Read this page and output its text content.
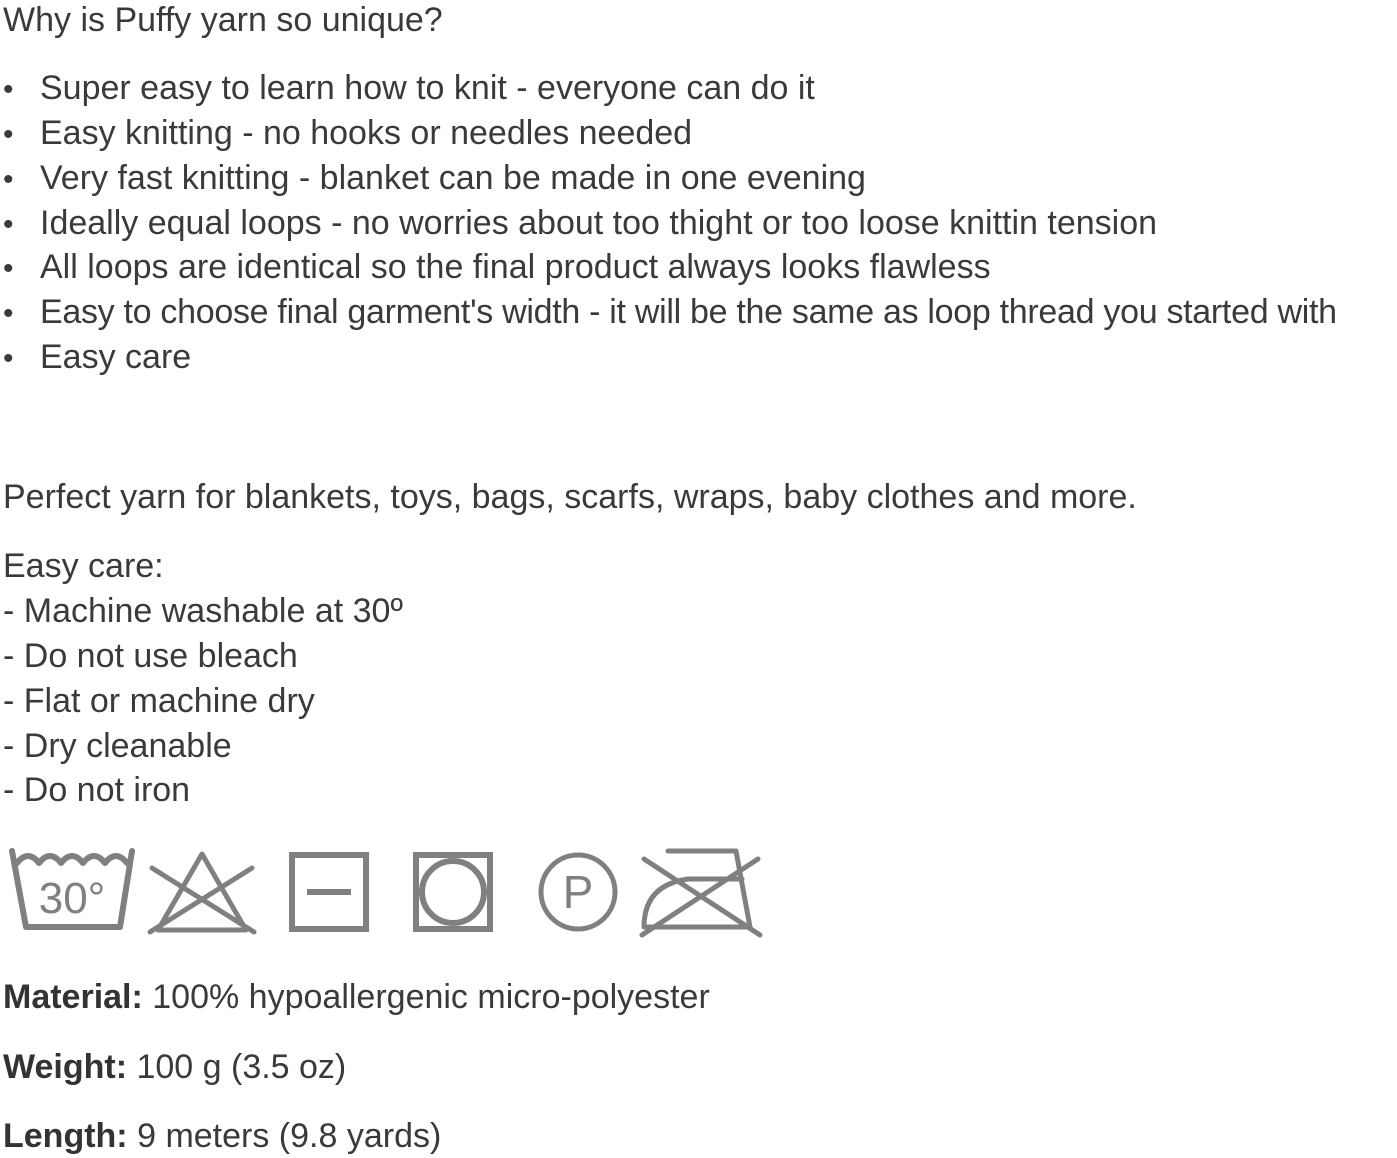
Why is Puffy yarn so unique?
• Super easy to learn how to knit - everyone can do it
• Easy knitting - no hooks or needles needed
• Very fast knitting - blanket can be made in one evening
• Ideally equal loops - no worries about too thight or too loose knittin tension
• All loops are identical so the final product always looks flawless
• Easy to choose final garment's width - it will be the same as loop thread you started with
• Easy care
Perfect yarn for blankets, toys, bags, scarfs, wraps, baby clothes and more.
Easy care:
- Machine washable at 30º
- Do not use bleach
- Flat or machine dry
- Dry cleanable
- Do not iron
30°	P
Material: 100% hypoallergenic micro-polyester
Weight: 100 g (3.5 oz)
Length: 9 meters (9.8 yards)
